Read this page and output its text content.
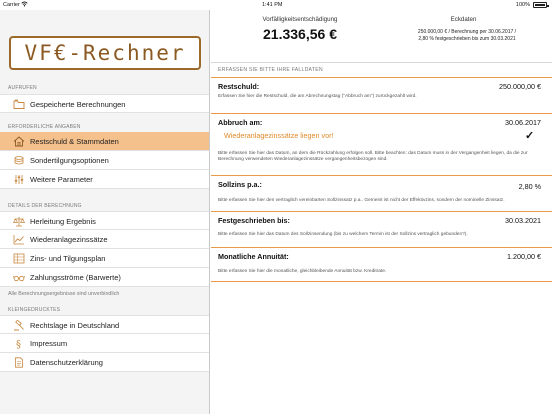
Carrier	1:41 PM	100%
VF€-Rechner
AUFRUFEN
Gespeicherte Berechnungen
ERFORDERLICHE ANGABEN
Restschuld & Stammdaten
Sondertilgungsoptionen
Weitere Parameter
DETAILS DER BERECHNUNG
Herleitung Ergebnis
Wiederanlagezinssätze
Zins- und Tilgungsplan
Zahlungsströme (Barwerte)
Alle Berechnungsergebnisse sind unverbindlich
KLEINGEDRUCKTES
Rechtslage in Deutschland
§ Impressum
Datenschutzerklärung
Vorfälligkeitsentschädigung
21.336,56 €
Eckdaten
250.000,00 € / Berechnung per 30.06.2017 /
2,80 % festgeschrieben bis zum 30.03.2021
ERFASSEN SIE BITTE IHRE FALLDATEN
Restschuld:	250.000,00 €
Erfassen Sie hier die Restschuld, die am Abrechnungstag ("Abbruch am") zurückgezahlt wird.
Abbruch am:	30.06.2017
Wiederanlagezinssätze liegen vor!	✓
Bitte erfassen Sie hier das Datum, an dem die Rückzahlung erfolgen soll. Bitte beachten: das Datum muss in der Vergangenheit liegen, da die zur Berechnung verwendeten Wiederanlagezinssätze vergangenheitsbezogen sind.
Sollzins p.a.:	2,80 %
Bitte erfassen Sie hier den vertraglich vereinbarten Sollzinssatz p.a.. Gemeint ist nicht der Effektivzins, sondern der nominelle Zinssatz.
Festgeschrieben bis:	30.03.2021
Bitte erfassen Sie hier das Datum des Sollzinsendung (bis zu welchem Termin ist der Sollzins vertraglich gebunden?).
Monatliche Annuität:	1.200,00 €
Bitte erfassen Sie hier die monatliche, gleichbleibende Annuität bzw. Kreditrate.
